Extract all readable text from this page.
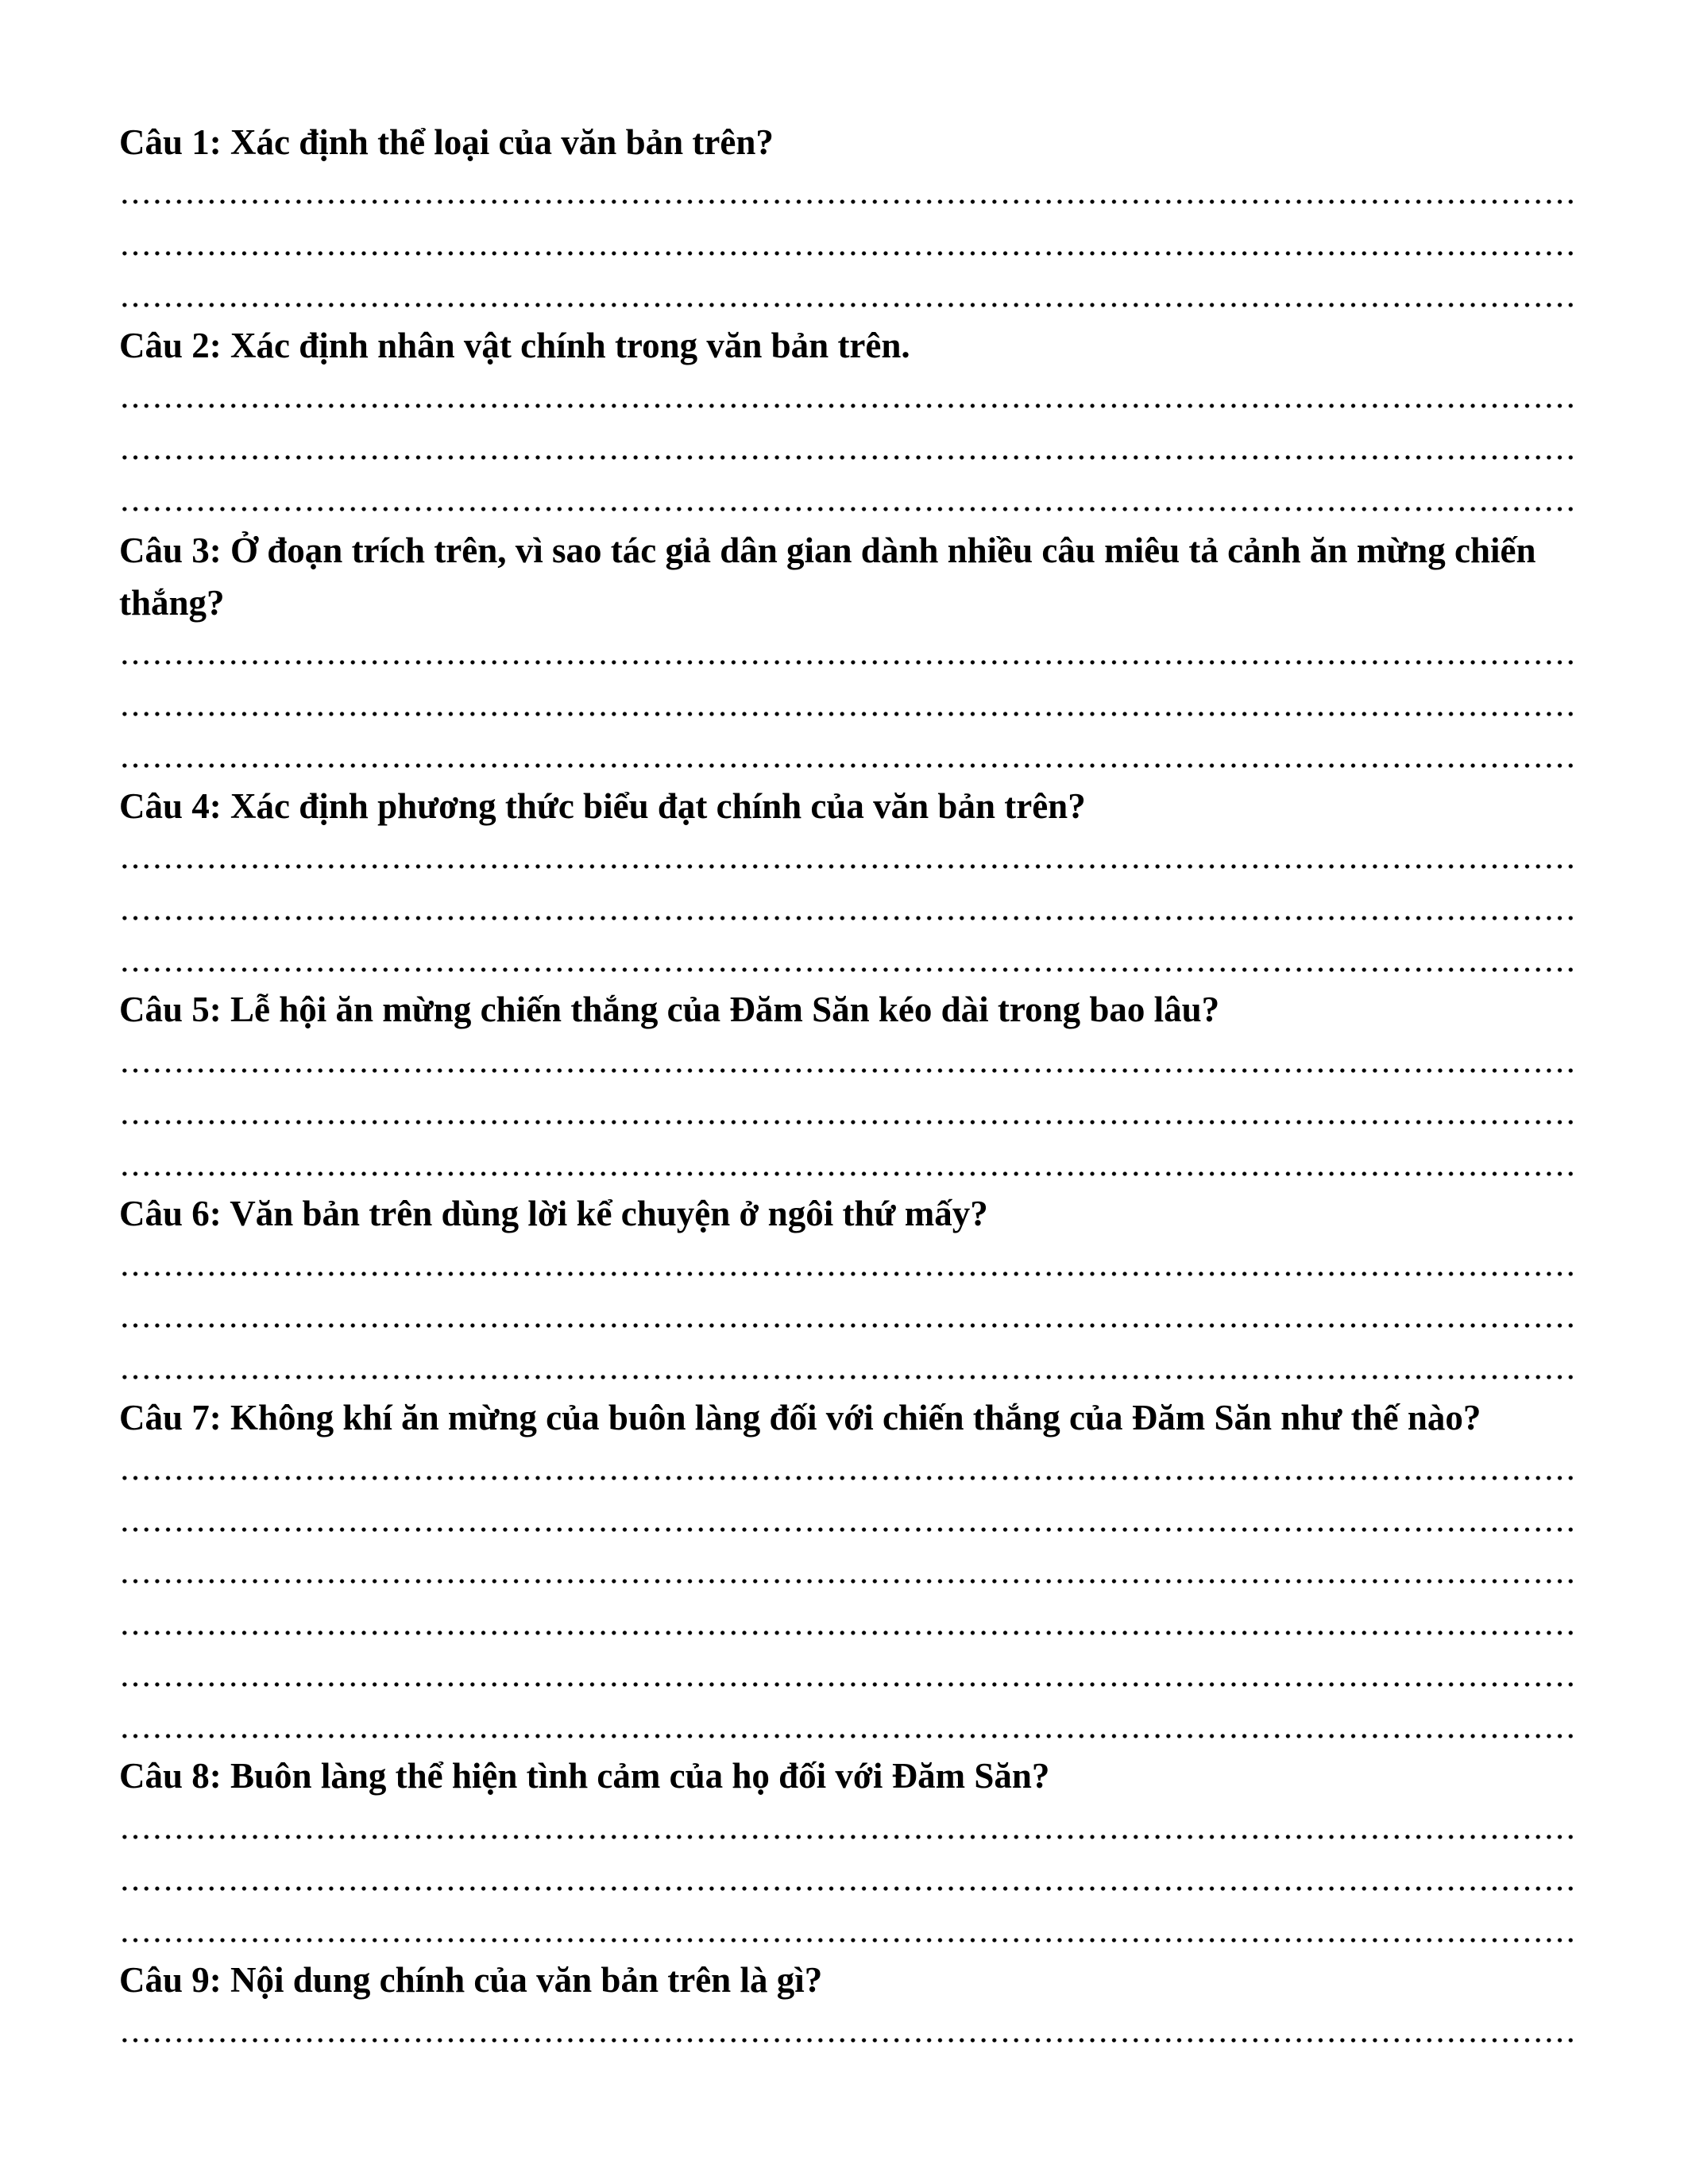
Câu 1: Xác định thể loại của văn bản trên?

Câu 2: Xác định nhân vật chính trong văn bản trên.

Câu 3: Ở đoạn trích trên, vì sao tác giả dân gian dành nhiều câu miêu tả cảnh ăn mừng chiến thắng?

Câu 4: Xác định phương thức biểu đạt chính của văn bản trên?

Câu 5: Lễ hội ăn mừng chiến thắng của Đăm Săn kéo dài trong bao lâu?

Câu 6: Văn bản trên dùng lời kể chuyện ở ngôi thứ mấy?

Câu 7: Không khí ăn mừng của buôn làng đối với chiến thắng của Đăm Săn như thế nào?

Câu 8: Buôn làng thể hiện tình cảm của họ đối với Đăm Săn?

Câu 9: Nội dung chính của văn bản trên là gì?
